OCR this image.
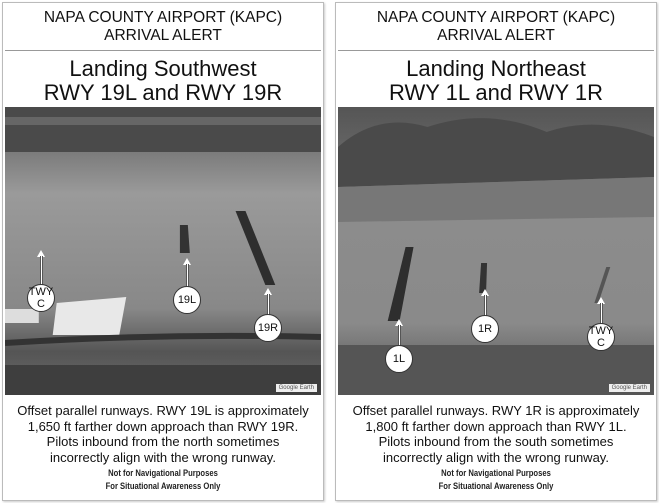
NAPA COUNTY AIRPORT (KAPC)
ARRIVAL ALERT
Landing Southwest
RWY 19L and RWY 19R
Google Earth
TWY C	19L
19R
Offset parallel runways. RWY 19L is approximately 1,650 ft farther down approach than RWY 19R. Pilots inbound from the north sometimes incorrectly align with the wrong runway.
Not for Navigational Purposes
For Situational Awareness Only
NAPA COUNTY AIRPORT (KAPC)
ARRIVAL ALERT
Landing Northeast
RWY 1L and RWY 1R
Google Earth
1L
1R	TWY C
Offset parallel runways. RWY 1R is approximately 1,800 ft farther down approach than RWY 1L. Pilots inbound from the south sometimes incorrectly align with the wrong runway.
Not for Navigational Purposes
For Situational Awareness Only
